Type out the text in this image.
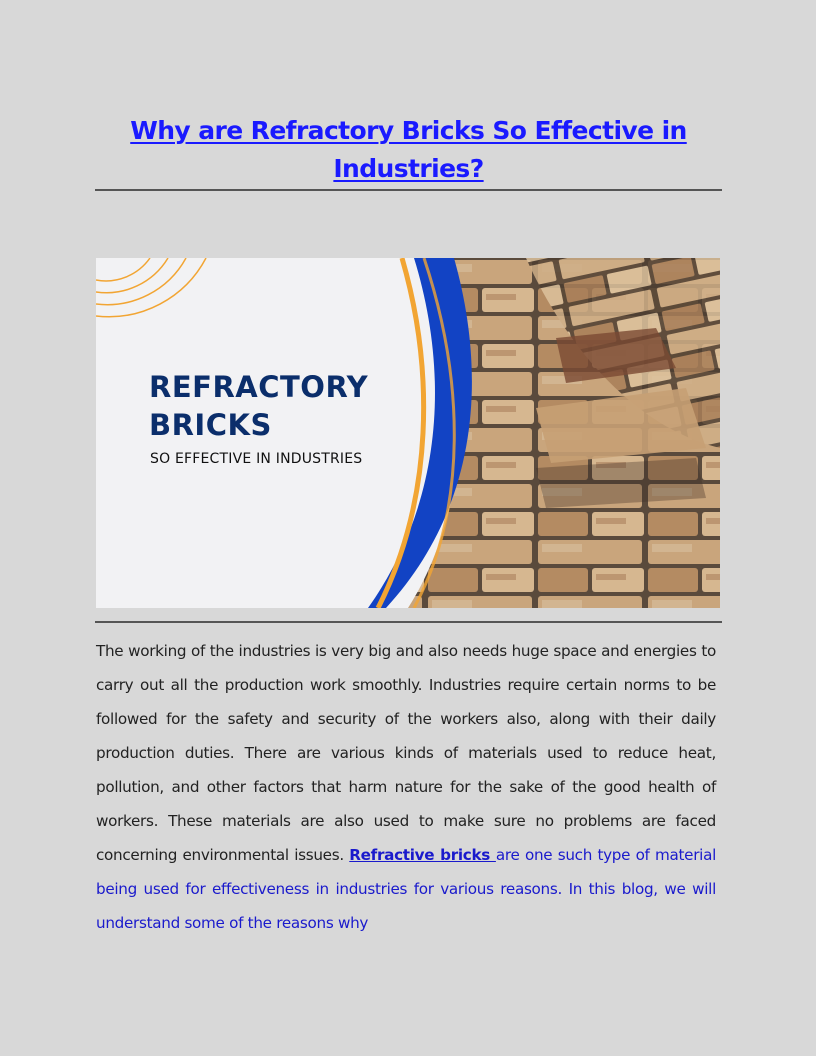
Why are Refractory Bricks So Effective in
Industries?
REFRACTORY
BRICKS
SO EFFECTIVE IN INDUSTRIES

The working of the industries is very big and also needs huge space and energies to carry out all the production work smoothly. Industries require certain norms to be followed for the safety and security of the workers also, along with their daily production duties. There are various kinds of materials used to reduce heat, pollution, and other factors that harm nature for the sake of the good health of workers. These materials are also used to make sure no problems are faced concerning environmental issues. Refractive bricks are one such type of material being used for effectiveness in industries for various reasons. In this blog, we will understand some of the reasons why
